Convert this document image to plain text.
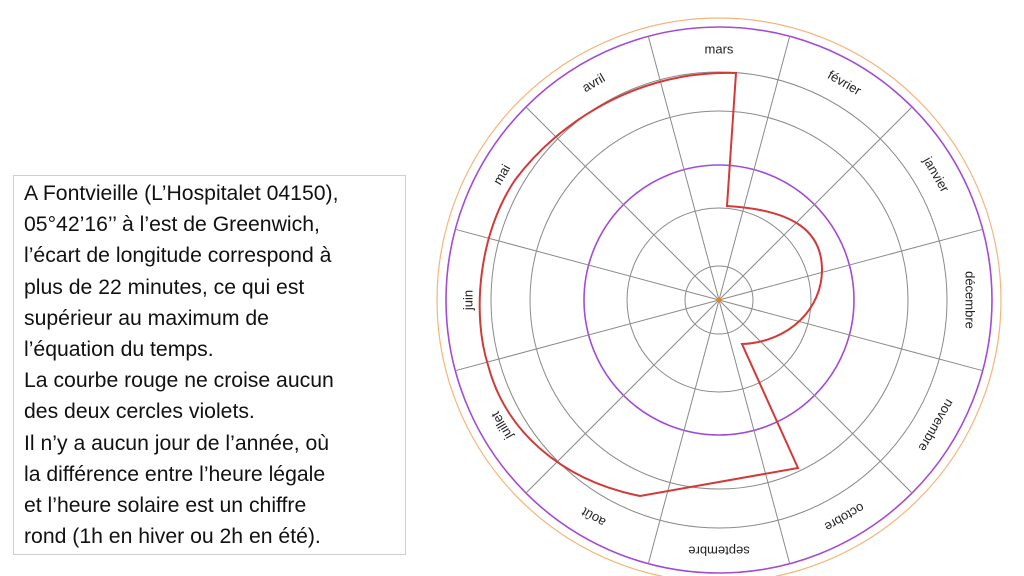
A Fontvieille (L’Hospitalet 04150),
05°42’16’’ à l’est de Greenwich,
l’écart de longitude correspond à
plus de 22 minutes, ce qui est
supérieur au maximum de
l’équation du temps.
La courbe rouge ne croise aucun
des deux cercles violets.
Il n’y a aucun jour de l’année, où
la différence entre l’heure légale
et l’heure solaire est un chiffre
rond (1h en hiver ou 2h en été).
mars
février
janvier
décembre
novembre
octobre
septembre
août
juillet
juin
mai
avril
